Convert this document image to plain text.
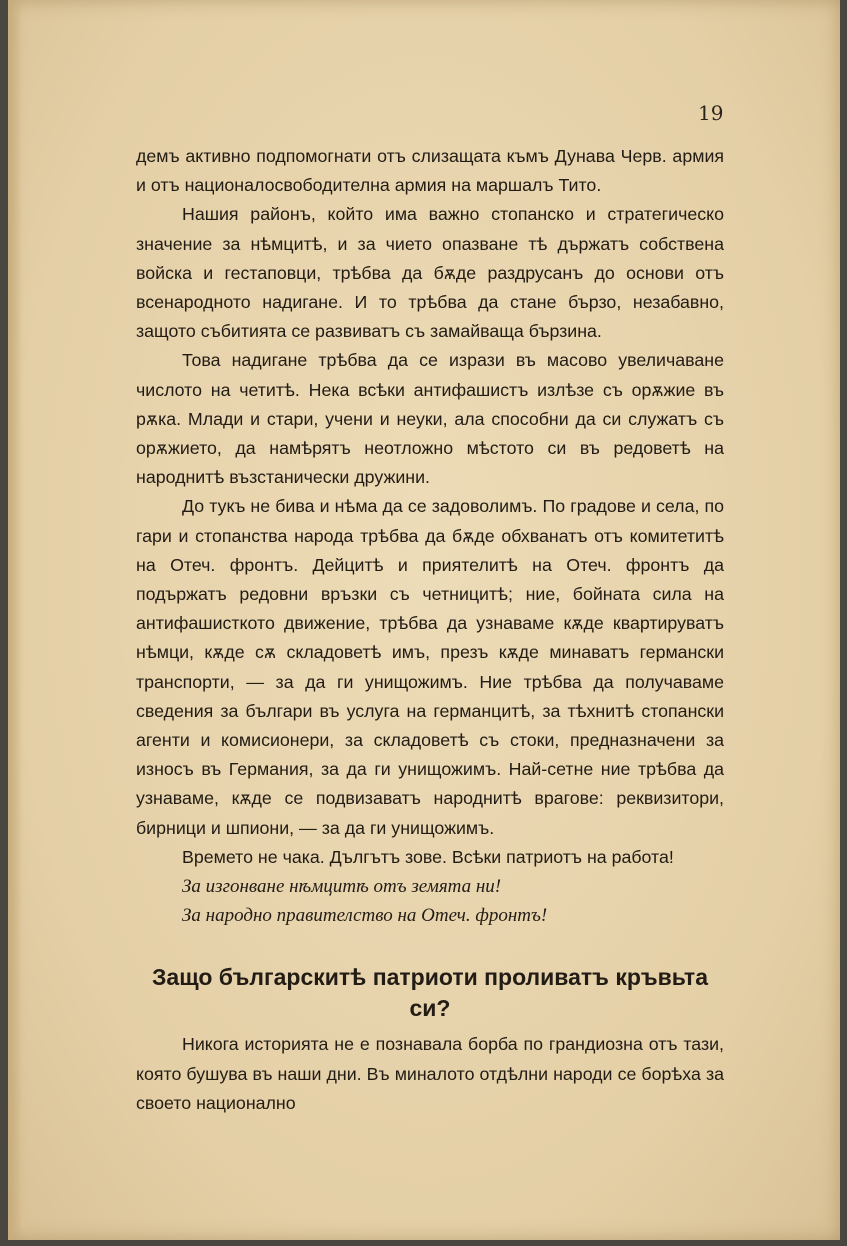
19

демъ активно подпомогнати отъ слизащата къмъ Дунава Черв. армия и отъ националосвободителна армия на маршалъ Тито.

Нашия районъ, който има важно стопанско и стратегическо значение за нѣмцитѣ, и за чието опазване тѣ държатъ собствена войска и гестаповци, трѣбва да бѫде раздрусанъ до основи отъ всенародното надигане. И то трѣбва да стане бързо, незабавно, защото събитията се развиватъ съ замайваща бързина.

Това надигане трѣбва да се изрази въ масово увеличаване числото на четитѣ. Нека всѣки антифашистъ излѣзе съ орѫжие въ рѫка. Млади и стари, учени и неуки, ала способни да си служатъ съ орѫжието, да намѣрятъ неотложно мѣстото си въ редоветѣ на народнитѣ възстанически дружини.

До тукъ не бива и нѣма да се задоволимъ. По градове и села, по гари и стопанства народа трѣбва да бѫде обхванатъ отъ комитетитѣ на Отеч. фронтъ. Дейцитѣ и приятелитѣ на Отеч. фронтъ да подържатъ редовни връзки съ четницитѣ; ние, бойната сила на антифашисткото движение, трѣбва да узнаваме кѫде квартируватъ нѣмци, кѫде сѫ складоветѣ имъ, презъ кѫде минаватъ германски транспорти, — за да ги унищожимъ. Ние трѣбва да получаваме сведения за българи въ услуга на германцитѣ, за тѣхнитѣ стопански агенти и комисионери, за складоветѣ съ стоки, предназначени за износъ въ Германия, за да ги унищожимъ. Най-сетне ние трѣбва да узнаваме, кѫде се подвизаватъ народнитѣ врагове: реквизитори, бирници и шпиони, — за да ги унищожимъ.

Времето не чака. Дългътъ зове. Всѣки патриотъ на работа!

За изгонване нѣмцитѣ отъ земята ни!

За народно правителство на Отеч. фронтъ!

Защо българскитѣ патриоти проливатъ кръвьта си?

Никога историята не е познавала борба по грандиозна отъ тази, която бушува въ наши дни. Въ миналото отдѣлни народи се борѣха за своето национално
